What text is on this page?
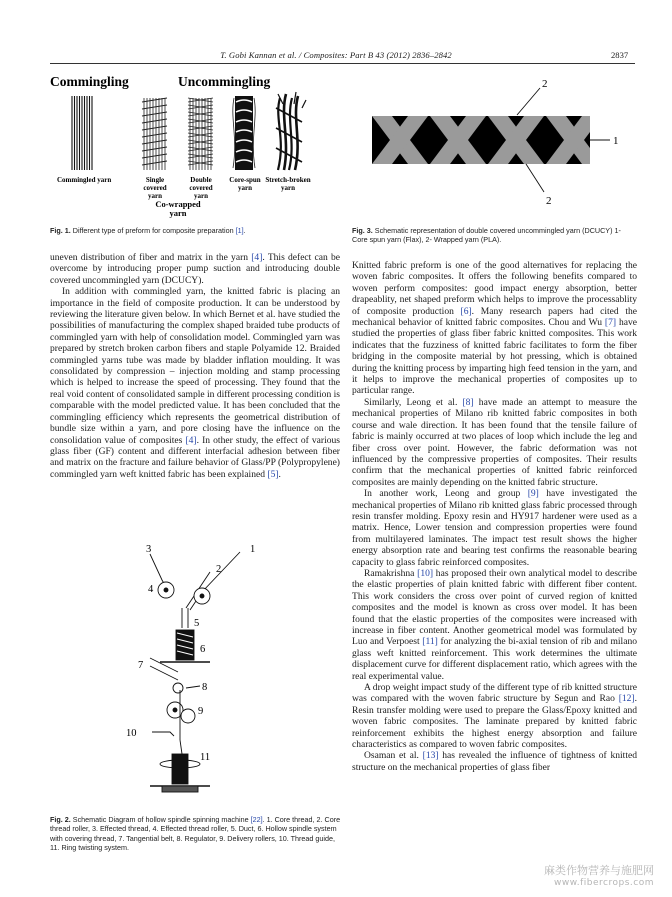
T. Gobi Kannan et al. / Composites: Part B 43 (2012) 2836–2842	2837
Commingling	Uncommingling
Commingled yarn	Single
covered
yarn
Double
covered
yarn
Co-wrapped
yarn
Core-spun
yarn
Stretch-broken
yarn
Fig. 1. Different type of preform for composite preparation [1].
2
1
2
Fig. 3. Schematic representation of double covered uncommingled yarn (DCUCY) 1- Core spun yarn (Flax), 2- Wrapped yarn (PLA).

uneven distribution of fiber and matrix in the yarn [4]. This defect can be overcome by introducing proper pump suction and introducing double covered uncommingled yarn (DCUCY).

In addition with commingled yarn, the knitted fabric is placing an importance in the field of composite production. It can be understood by reviewing the literature given below. In which Bernet et al. have studied the possibilities of manufacturing the complex shaped braided tube products of commingled yarn with help of consolidation model. Commingled yarn was prepared by stretch broken carbon fibers and staple Polyamide 12. Braided commingled yarns tube was made by bladder inflation moulding. It was consolidated by compression – injection molding and stamp processing which is helped to increase the speed of processing. They found that the real void content of consolidated sample in different processing condition is comparable with the model predicted value. It has been concluded that the commingling efficiency which represents the geometrical distribution of bundle size within a yarn, and pore closing have the influence on the consolidation value of composites [4]. In other study, the effect of various glass fiber (GF) content and different interfacial adhesion between fiber and matrix on the fracture and failure behavior of Glass/PP (Polypropylene) commingled yarn weft knitted fabric has been explained [5].

1
2
3
4
5
6
7
8
9
10
11
Fig. 2. Schematic Diagram of hollow spindle spinning machine [22]. 1. Core thread, 2. Core thread roller, 3. Effected thread, 4. Effected thread roller, 5. Duct, 6. Hollow spindle system with covering thread, 7. Tangential belt, 8. Regulator, 9. Delivery rollers, 10. Thread guide, 11. Ring twisting system.

Knitted fabric preform is one of the good alternatives for replacing the woven fabric composites. It offers the following benefits compared to woven perform composites: good impact energy absorption, better drapeablity, net shaped preform which helps to improve the processablity of composite production [6]. Many research papers had cited the mechanical behavior of knitted fabric composites. Chou and Wu [7] have studied the properties of glass fiber fabric knitted composites. This work indicates that the fuzziness of knitted fabric facilitates to form the fiber bridging in the composite material by hot pressing, which is obtained during the knitting process by imparting high feed tension in the yarn, and it helps to improve the mechanical properties of composites up to particular range.

Similarly, Leong et al. [8] have made an attempt to measure the mechanical properties of Milano rib knitted fabric composites in both course and wale direction. It has been found that the tensile failure of fabric is mainly occurred at two places of loop which include the leg and fiber cross over point. However, the fabric deformation was not influenced by the compressive properties of composites. Their results confirm that the mechanical properties of knitted fabric reinforced composites are mainly depending on the knitted fabric structure.

In another work, Leong and group [9] have investigated the mechanical properties of Milano rib knitted glass fabric processed through resin transfer molding. Epoxy resin and HY917 hardener were used as a matrix. Hence, Lower tension and compression properties were found from multilayered laminates. The impact test result shows the higher energy absorption rate and bearing test confirms the reasonable bearing capacity to glass fabric reinforced composites.

Ramakrishna [10] has proposed their own analytical model to describe the elastic properties of plain knitted fabric with different fiber content. This work considers the cross over point of curved region of knitted composites and the model is known as cross over model. It has been found that the elastic properties of the composites were increased with increase in fiber content. Another geometrical model was formulated by Luo and Verpoest [11] for analyzing the bi-axial tension of rib and milano glass weft knitted reinforcement. This work determines the ultimate displacement curve for different displacement ratio, which agrees with the real experimental value.

A drop weight impact study of the different type of rib knitted structure was compared with the woven fabric structure by Segun and Rao [12]. Resin transfer molding were used to prepare the Glass/Epoxy knitted and woven fabric composites. The laminate prepared by knitted fabric reinforcement exhibits the highest energy absorption and failure characteristics as compared to woven fabric composites.

Osaman et al. [13] has revealed the influence of tightness of knitted structure on the mechanical properties of glass fiber

麻类作物营养与施肥网
www.fibercrops.com
